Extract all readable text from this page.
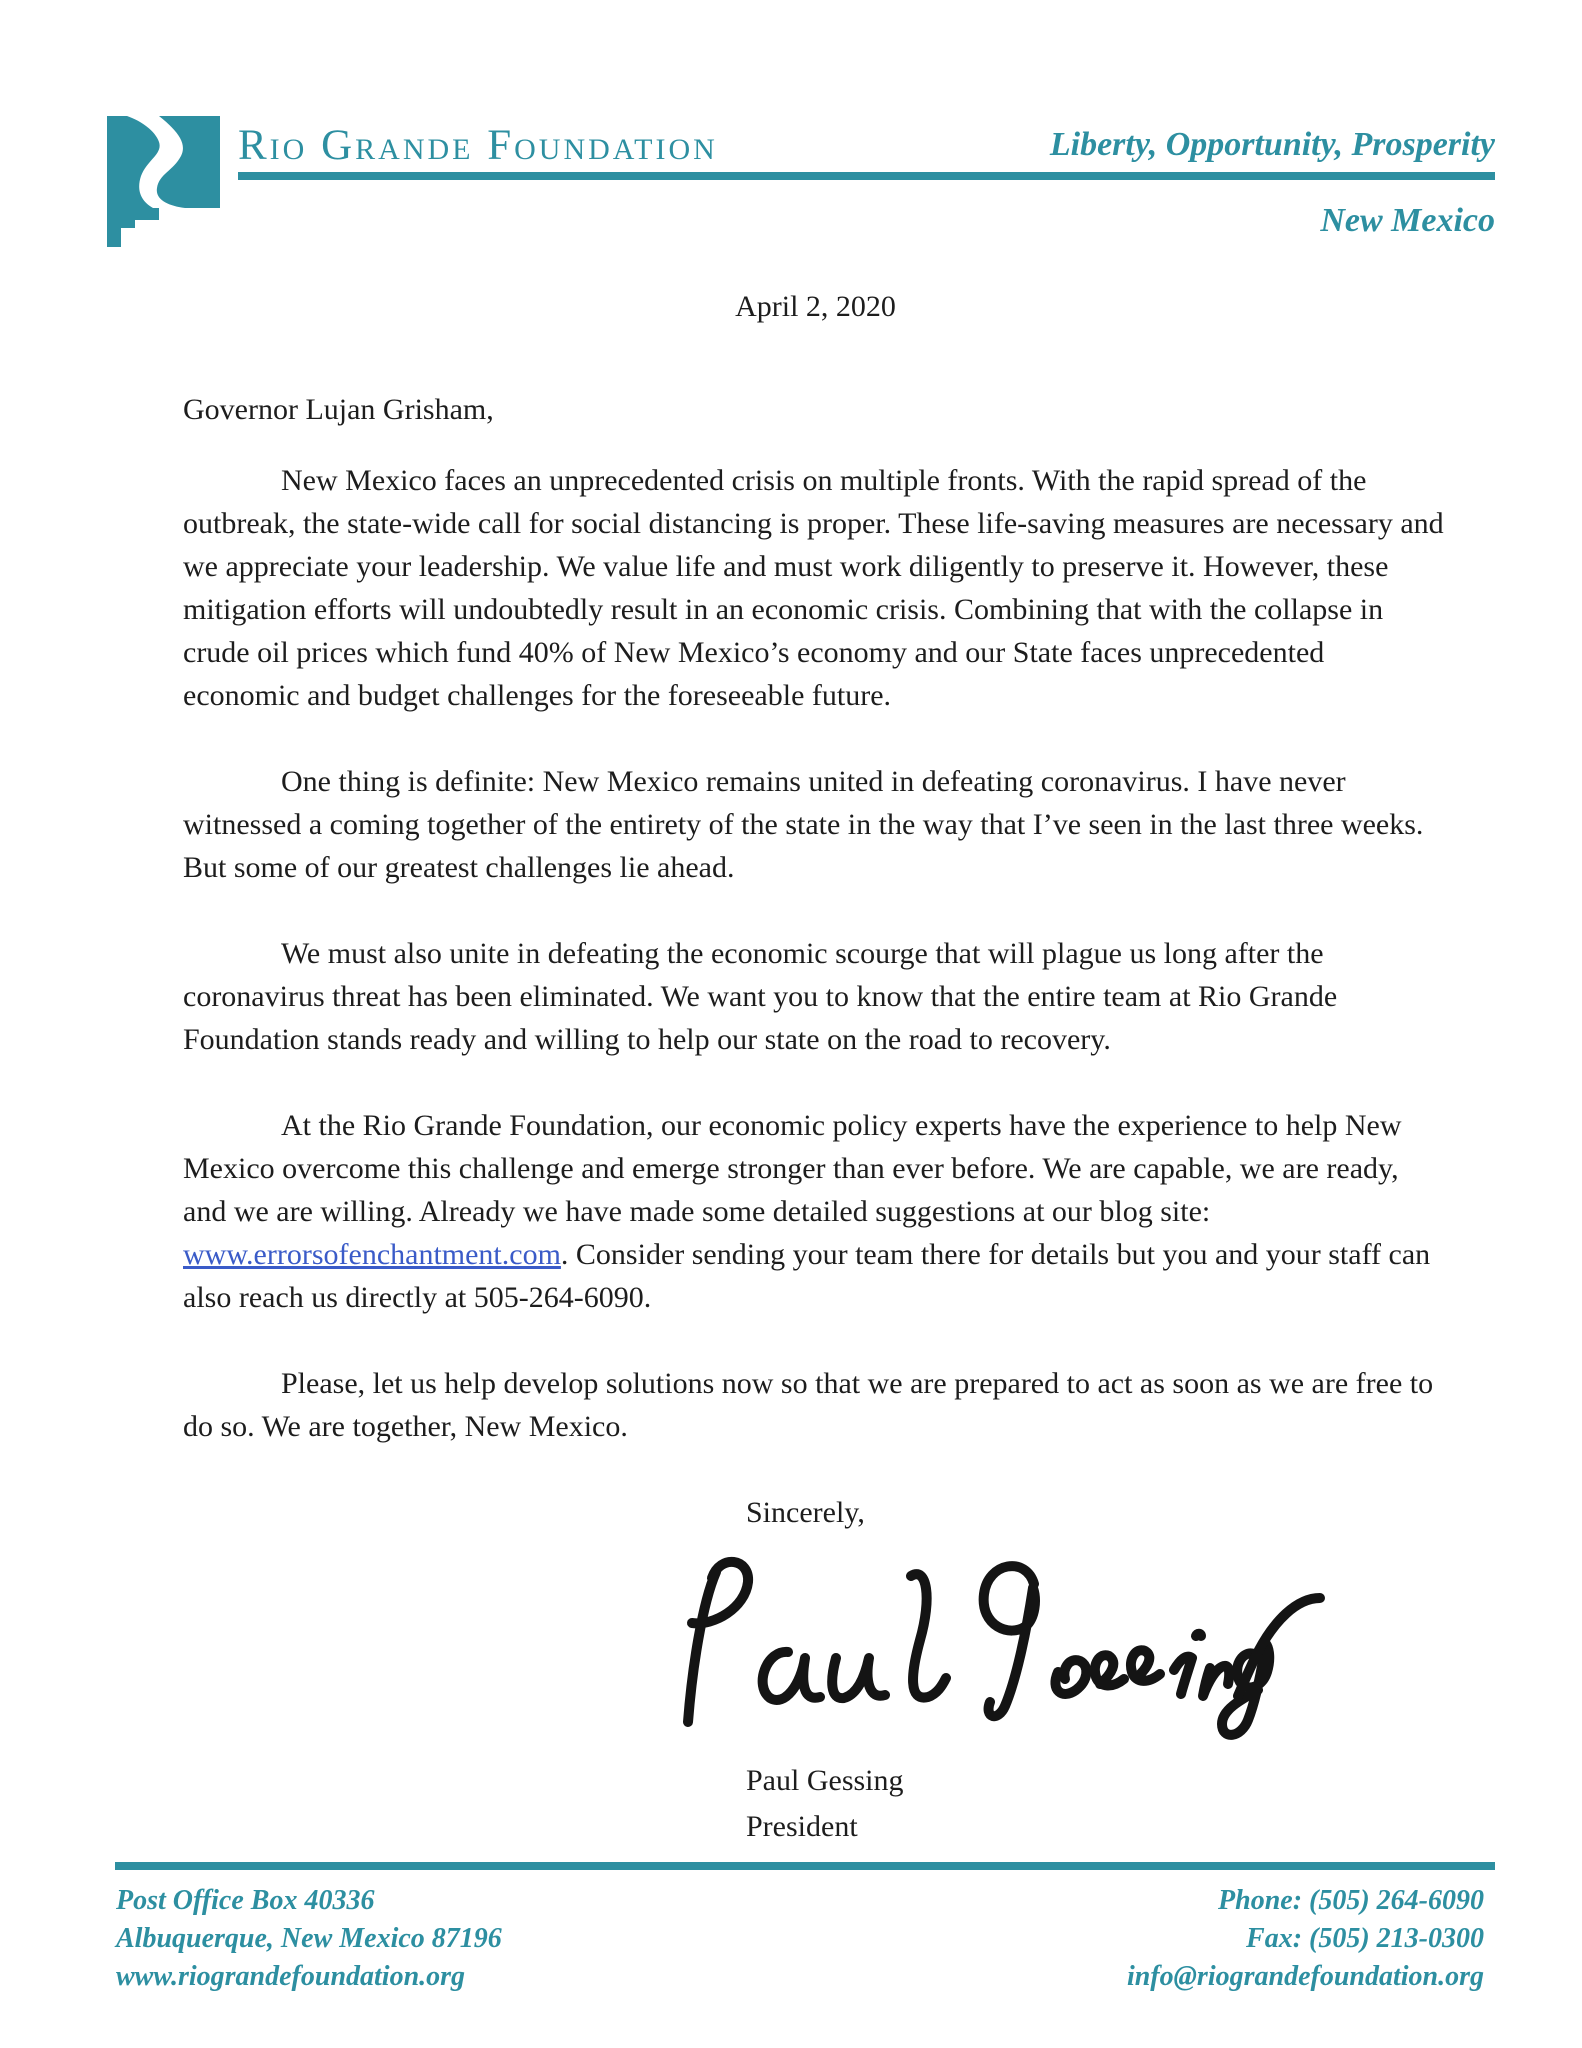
Rio Grande Foundation	Liberty, Opportunity, Prosperity
New Mexico

April 2, 2020

Governor Lujan Grisham,

New Mexico faces an unprecedented crisis on multiple fronts. With the rapid spread of the outbreak, the state-wide call for social distancing is proper. These life-saving measures are necessary and we appreciate your leadership. We value life and must work diligently to preserve it. However, these mitigation efforts will undoubtedly result in an economic crisis. Combining that with the collapse in crude oil prices which fund 40% of New Mexico’s economy and our State faces unprecedented economic and budget challenges for the foreseeable future.

One thing is definite: New Mexico remains united in defeating coronavirus. I have never witnessed a coming together of the entirety of the state in the way that I’ve seen in the last three weeks. But some of our greatest challenges lie ahead.

We must also unite in defeating the economic scourge that will plague us long after the coronavirus threat has been eliminated. We want you to know that the entire team at Rio Grande Foundation stands ready and willing to help our state on the road to recovery.

At the Rio Grande Foundation, our economic policy experts have the experience to help New Mexico overcome this challenge and emerge stronger than ever before. We are capable, we are ready, and we are willing. Already we have made some detailed suggestions at our blog site: www.errorsofenchantment.com. Consider sending your team there for details but you and your staff can also reach us directly at 505-264-6090.

Please, let us help develop solutions now so that we are prepared to act as soon as we are free to do so. We are together, New Mexico.

Sincerely,

Paul Gessing

President

Post Office Box 40336
Albuquerque, New Mexico 87196
www.riograndefoundation.org
Phone: (505) 264-6090
Fax: (505) 213-0300
info@riograndefoundation.org
